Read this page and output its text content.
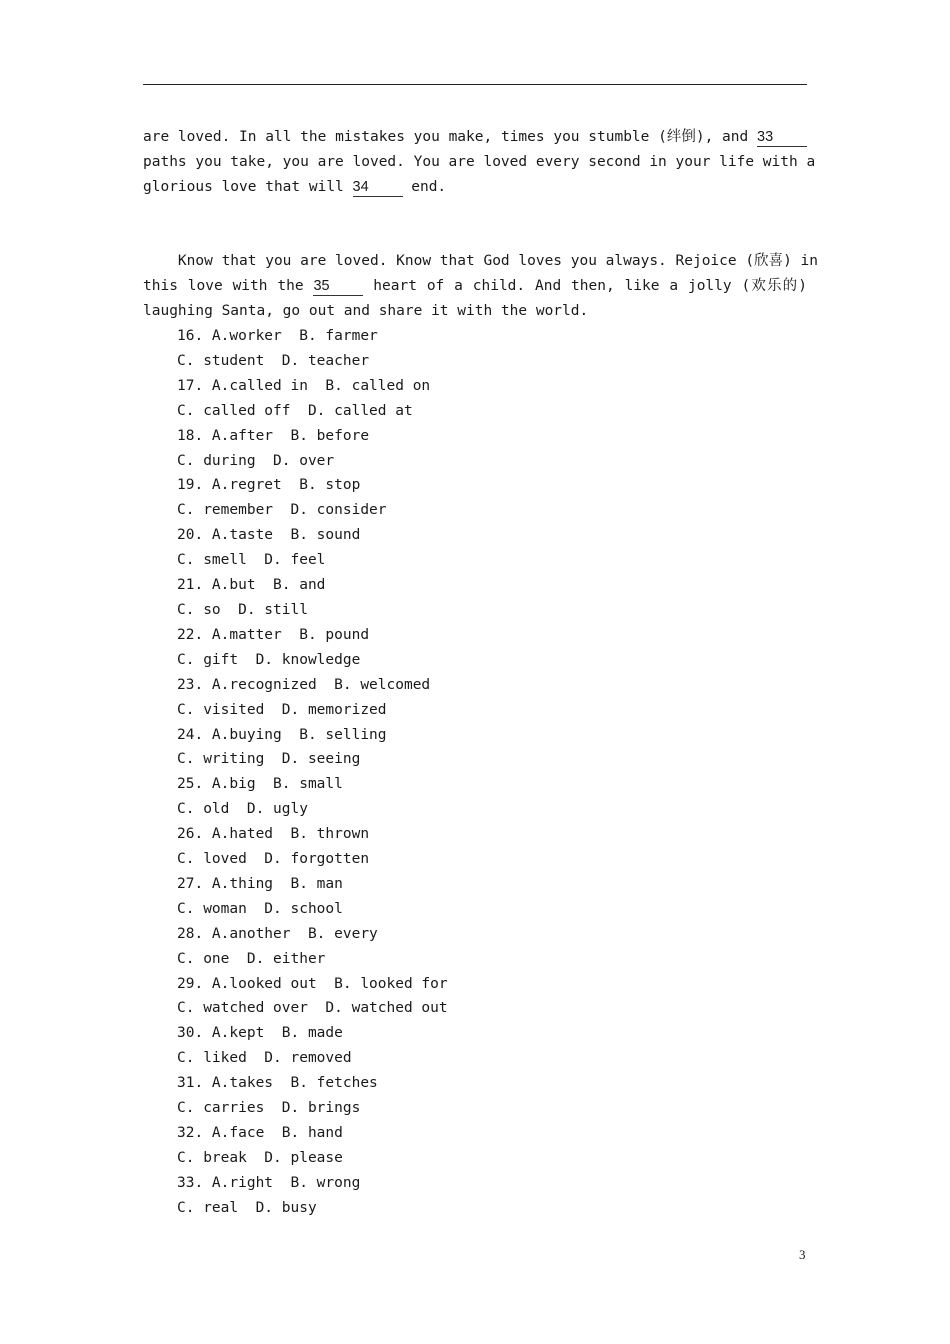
are loved. In all the mistakes you make, times you stumble (绊倒), and 33
paths you take, you are loved. You are loved every second in your life with a
glorious love that will 34 end.
Know that you are loved. Know that God loves you always. Rejoice (欣喜) in
this love with the 35 heart of a child. And then, like a jolly (欢乐的)
laughing Santa, go out and share it with the world.
16. A.worker  B. farmer
C. student  D. teacher
17. A.called in  B. called on
C. called off  D. called at
18. A.after  B. before
C. during  D. over
19. A.regret  B. stop
C. remember  D. consider
20. A.taste  B. sound
C. smell  D. feel
21. A.but  B. and
C. so  D. still
22. A.matter  B. pound
C. gift  D. knowledge
23. A.recognized  B. welcomed
C. visited  D. memorized
24. A.buying  B. selling
C. writing  D. seeing
25. A.big  B. small
C. old  D. ugly
26. A.hated  B. thrown
C. loved  D. forgotten
27. A.thing  B. man
C. woman  D. school
28. A.another  B. every
C. one  D. either
29. A.looked out  B. looked for
C. watched over  D. watched out
30. A.kept  B. made
C. liked  D. removed
31. A.takes  B. fetches
C. carries  D. brings
32. A.face  B. hand
C. break  D. please
33. A.right  B. wrong
C. real  D. busy
3
